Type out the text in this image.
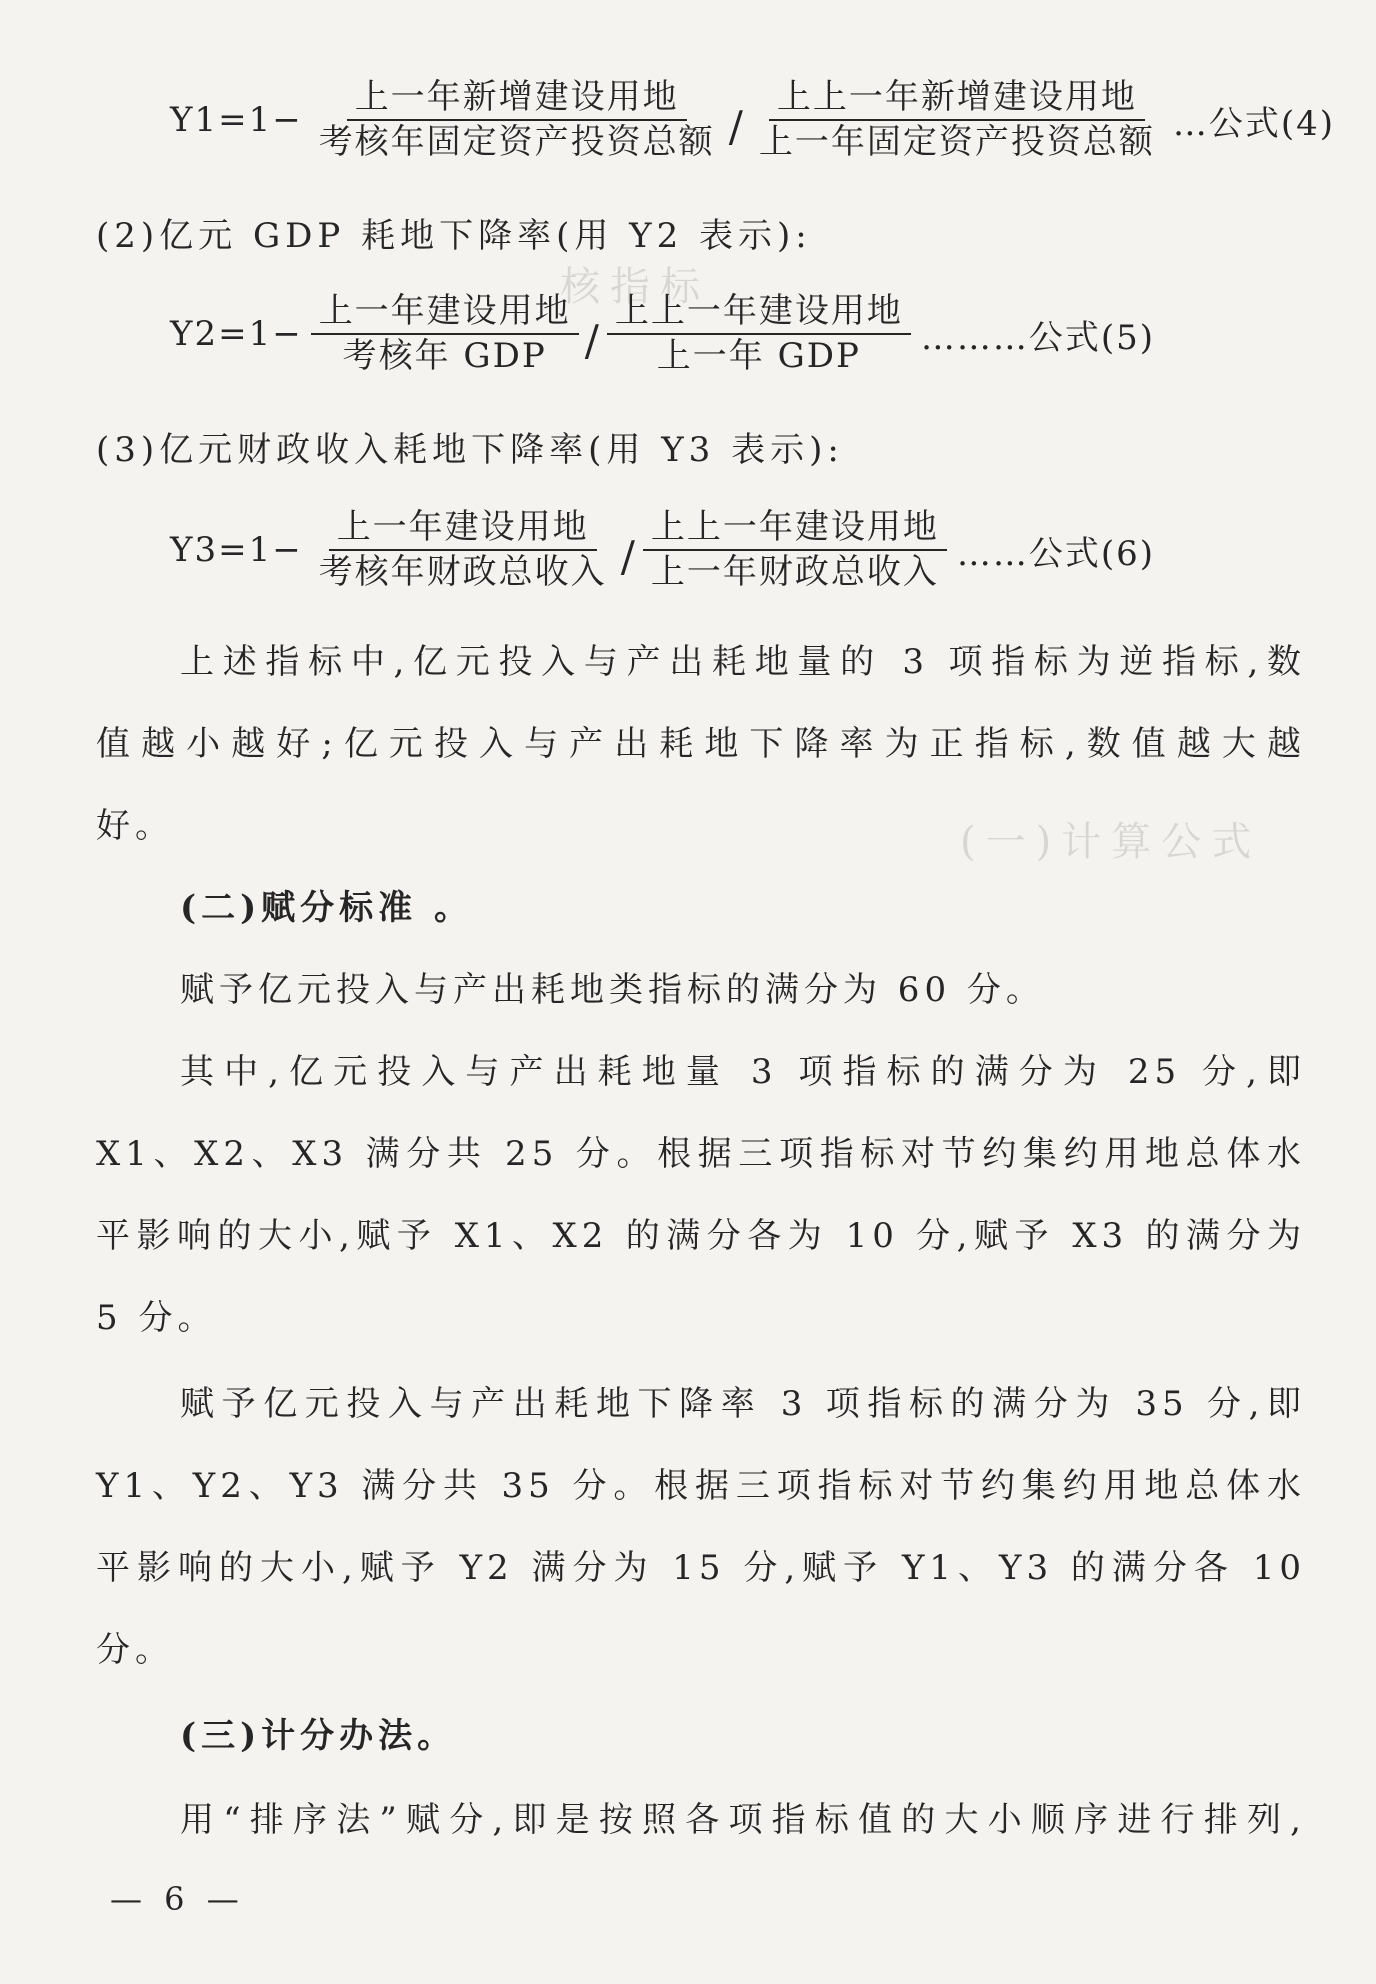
核指标
(一)计算公式
$Y1=1- \frac{\text{上一年新增建设用地}}{\text{考核年固定资产投资总额}} / \frac{\text{上上一年新增建设用地}}{\text{上一年固定资产投资总额}}$ …公式(4)
(2)亿元 GDP 耗地下降率(用 Y2 表示):
$Y2=1- \frac{\text{上一年建设用地}}{\text{考核年 GDP}} / \frac{\text{上上一年建设用地}}{\text{上一年 GDP}}$ ………公式(5)
(3)亿元财政收入耗地下降率(用 Y3 表示):
$Y3=1- \frac{\text{上一年建设用地}}{\text{考核年财政总收入}} / \frac{\text{上上一年建设用地}}{\text{上一年财政总收入}}$ ……公式(6)
上述指标中,亿元投入与产出耗地量的 3 项指标为逆指标,数
值越小越好;亿元投入与产出耗地下降率为正指标,数值越大越
好。
(二)赋分标准 。
赋予亿元投入与产出耗地类指标的满分为 60 分。
其中,亿元投入与产出耗地量 3 项指标的满分为 25 分,即
X1、X2、X3 满分共 25 分。根据三项指标对节约集约用地总体水
平影响的大小,赋予 X1、X2 的满分各为 10 分,赋予 X3 的满分为
5 分。
赋予亿元投入与产出耗地下降率 3 项指标的满分为 35 分,即
Y1、Y2、Y3 满分共 35 分。根据三项指标对节约集约用地总体水
平影响的大小,赋予 Y2 满分为 15 分,赋予 Y1、Y3 的满分各 10
分。
(三)计分办法。
用“排序法”赋分,即是按照各项指标值的大小顺序进行排列,
— 6 —
